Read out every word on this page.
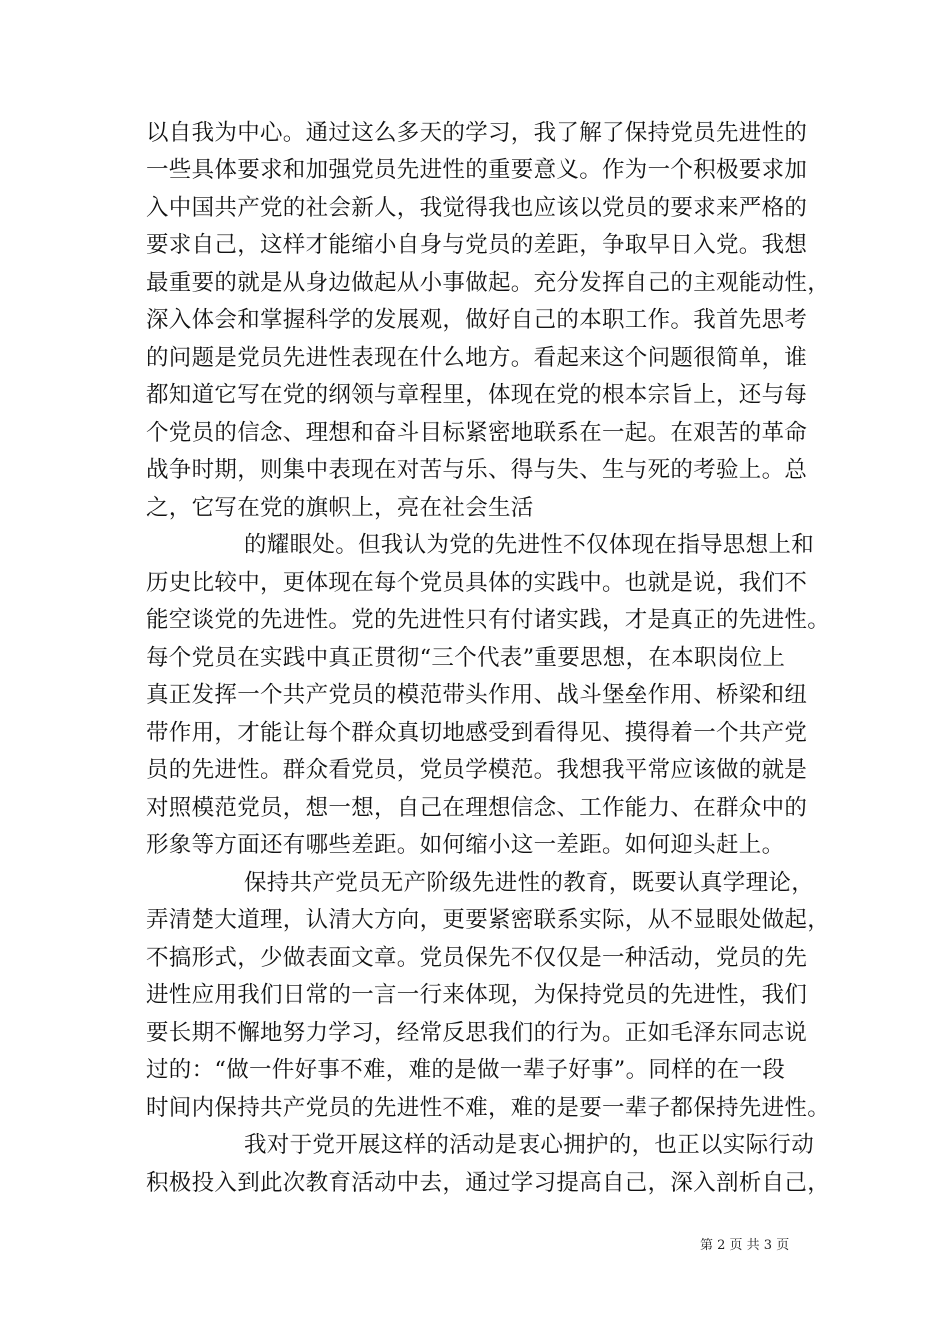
以自我为中心。通过这么多天的学习，我了解了保持党员先进性的
一些具体要求和加强党员先进性的重要意义。作为一个积极要求加
入中国共产党的社会新人，我觉得我也应该以党员的要求来严格的
要求自己，这样才能缩小自身与党员的差距，争取早日入党。我想
最重要的就是从身边做起从小事做起。充分发挥自己的主观能动性，
深入体会和掌握科学的发展观，做好自己的本职工作。我首先思考
的问题是党员先进性表现在什么地方。看起来这个问题很简单，谁
都知道它写在党的纲领与章程里，体现在党的根本宗旨上，还与每
个党员的信念、理想和奋斗目标紧密地联系在一起。在艰苦的革命
战争时期，则集中表现在对苦与乐、得与失、生与死的考验上。总
之，它写在党的旗帜上，亮在社会生活
的耀眼处。但我认为党的先进性不仅体现在指导思想上和
历史比较中，更体现在每个党员具体的实践中。也就是说，我们不
能空谈党的先进性。党的先进性只有付诸实践，才是真正的先进性。
每个党员在实践中真正贯彻“三个代表”重要思想，在本职岗位上
真正发挥一个共产党员的模范带头作用、战斗堡垒作用、桥梁和纽
带作用，才能让每个群众真切地感受到看得见、摸得着一个共产党
员的先进性。群众看党员，党员学模范。我想我平常应该做的就是
对照模范党员，想一想，自己在理想信念、工作能力、在群众中的
形象等方面还有哪些差距。如何缩小这一差距。如何迎头赶上。
保持共产党员无产阶级先进性的教育，既要认真学理论，
弄清楚大道理，认清大方向，更要紧密联系实际，从不显眼处做起，
不搞形式，少做表面文章。党员保先不仅仅是一种活动，党员的先
进性应用我们日常的一言一行来体现，为保持党员的先进性，我们
要长期不懈地努力学习，经常反思我们的行为。正如毛泽东同志说
过的：“做一件好事不难，难的是做一辈子好事”。同样的在一段
时间内保持共产党员的先进性不难，难的是要一辈子都保持先进性。
我对于党开展这样的活动是衷心拥护的，也正以实际行动
积极投入到此次教育活动中去，通过学习提高自己，深入剖析自己，
第 2 页 共 3 页
